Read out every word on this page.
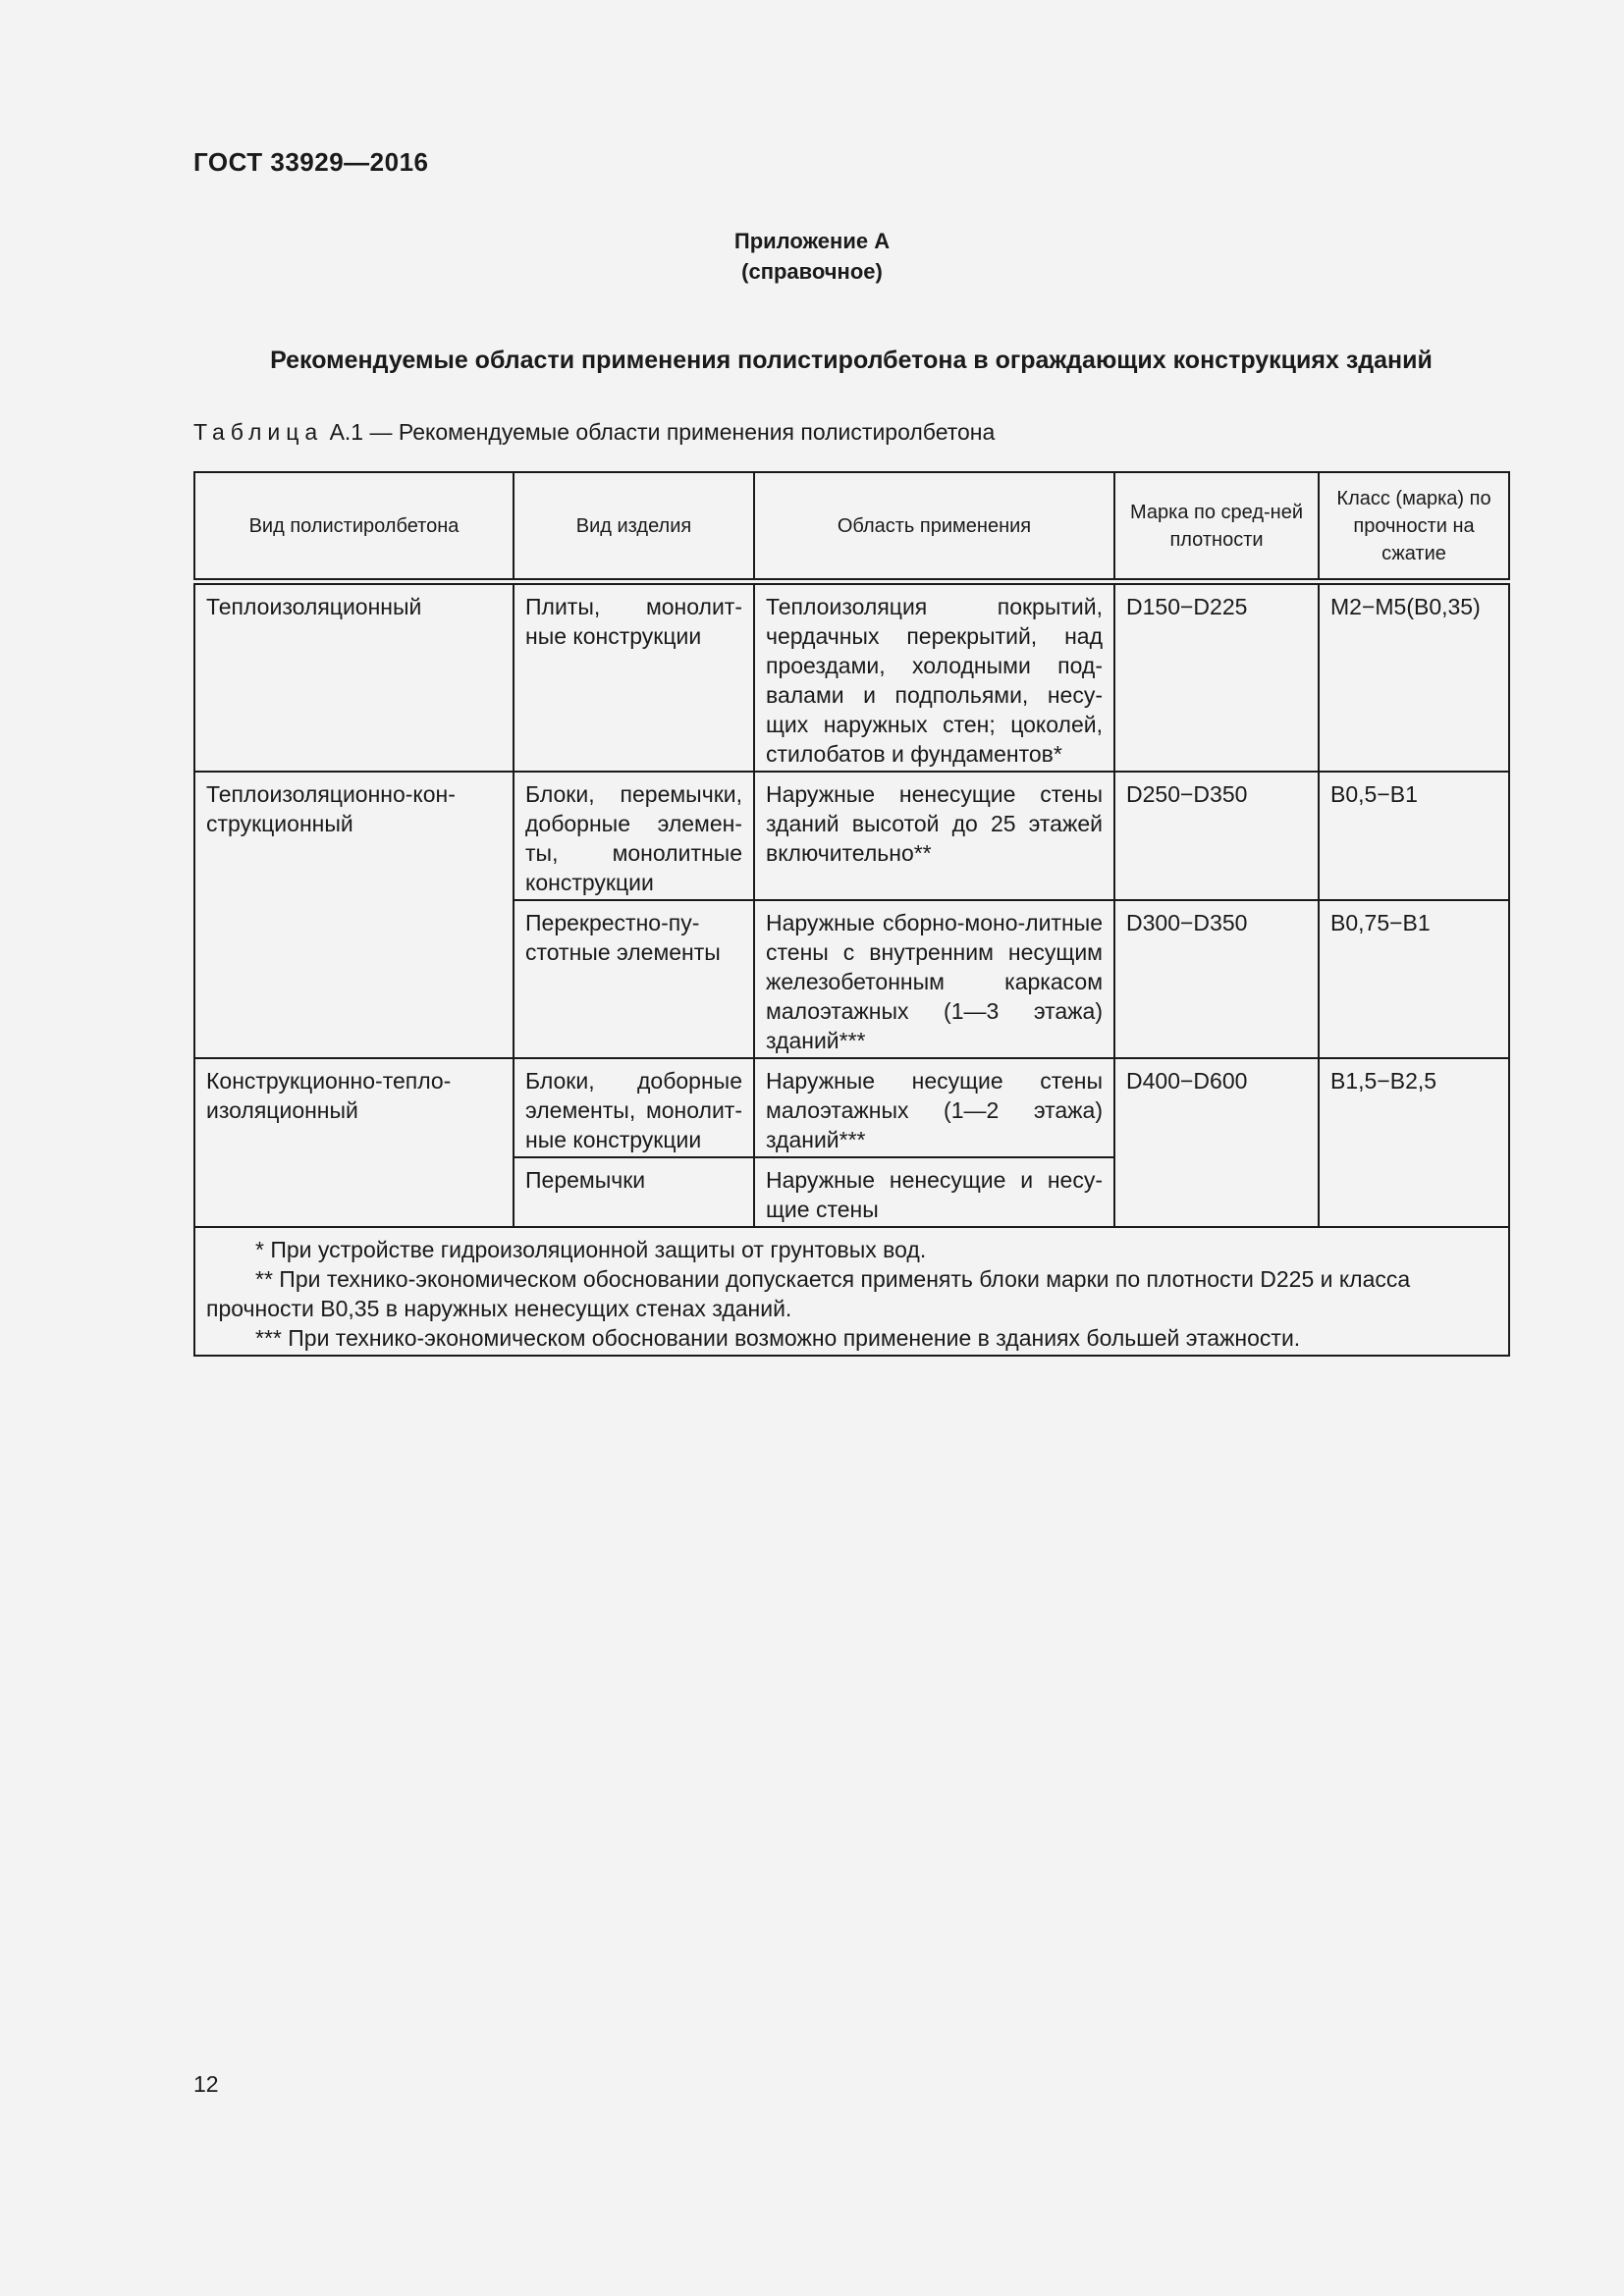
ГОСТ 33929—2016
Приложение А
(справочное)
Рекомендуемые области применения полистиролбетона в ограждающих конструкциях зданий
Таблица А.1 — Рекомендуемые области применения полистиролбетона
Вид полистиролбетона	Вид изделия	Область применения	Марка по сред-ней плотности	Класс (марка) по прочности на сжатие
Теплоизоляционный	Плиты, монолит-ные конструкции	Теплоизоляция покрытий, чердачных перекрытий, над проездами, холодными под-валами и подпольями, несу-щих наружных стен; цоколей, стилобатов и фундаментов*	D150−D225	М2−М5(В0,35)
Теплоизоляционно-кон-струкционный	Блоки, перемычки, доборные элемен-ты, монолитные конструкции	Наружные ненесущие стены зданий высотой до 25 этажей включительно**	D250−D350	В0,5−В1
	Перекрестно-пу-стотные элементы	Наружные сборно-моно-литные стены с внутренним несущим железобетонным каркасом малоэтажных (1—3 этажа) зданий***	D300−D350	В0,75−В1
Конструкционно-тепло-изоляционный	Блоки, доборные элементы, монолит-ные конструкции	Наружные несущие стены малоэтажных (1—2 этажа) зданий***	D400−D600	В1,5−В2,5
	Перемычки	Наружные ненесущие и несу-щие стены		

* При устройстве гидроизоляционной защиты от грунтовых вод.

** При технико-экономическом обосновании допускается применять блоки марки по плотности D225 и класса прочности В0,35 в наружных ненесущих стенах зданий.

*** При технико-экономическом обосновании возможно применение в зданиях большей этажности.				

12
